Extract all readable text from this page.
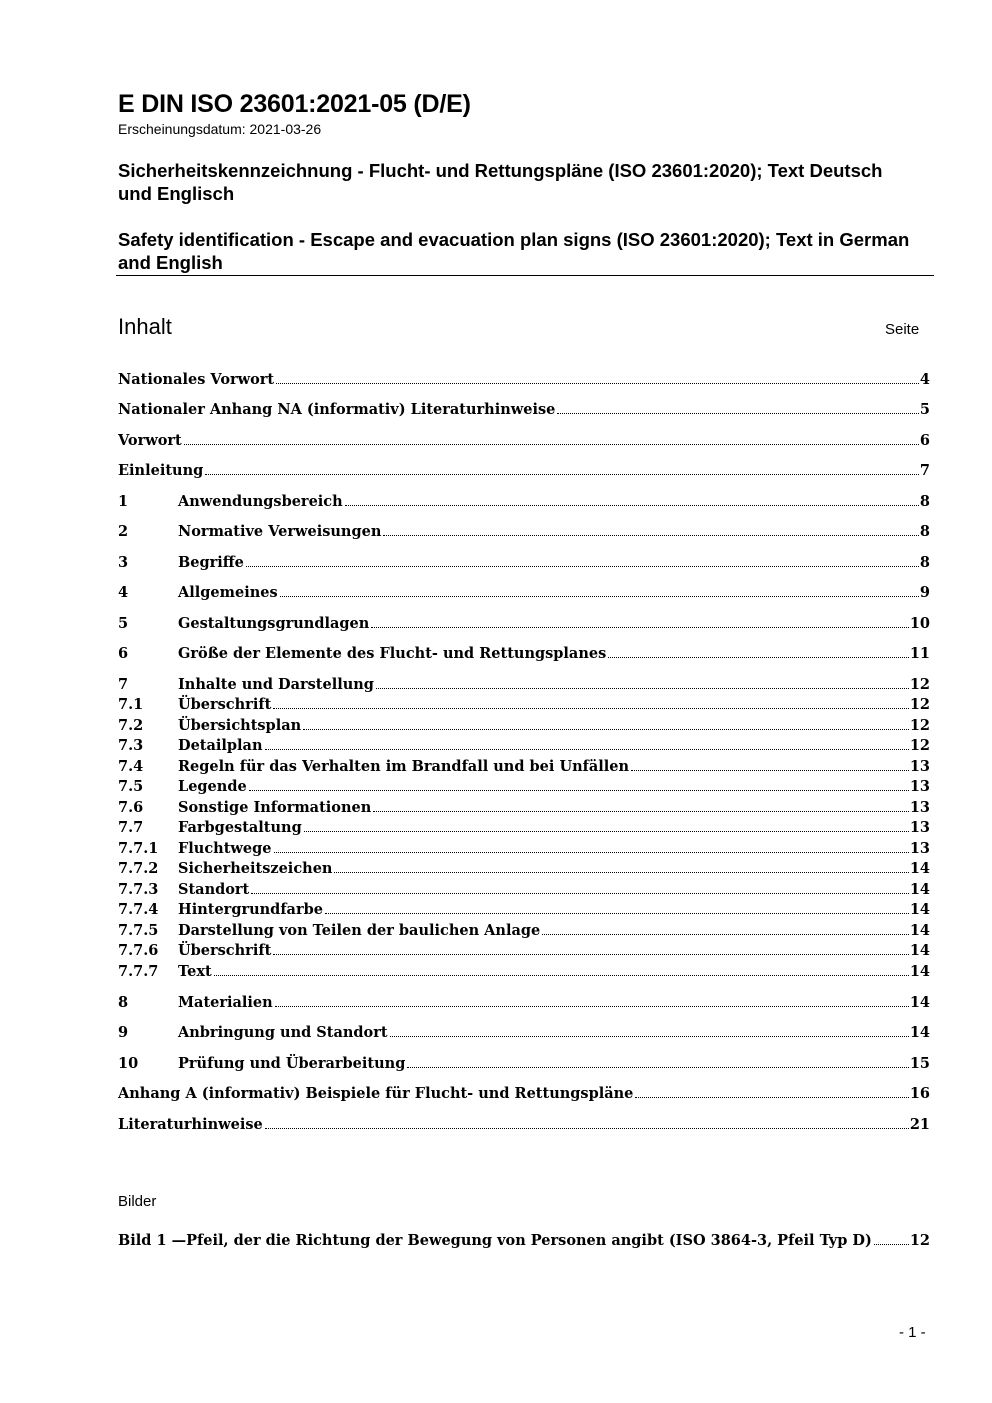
E DIN ISO 23601:2021-05 (D/E)
Erscheinungsdatum: 2021-03-26
Sicherheitskennzeichnung - Flucht- und Rettungspläne (ISO 23601:2020); Text Deutsch und Englisch
Safety identification - Escape and evacuation plan signs (ISO 23601:2020); Text in German and English
Inhalt	Seite
Nationales Vorwort	4
Nationaler Anhang NA (informativ) Literaturhinweise	5
Vorwort	6
Einleitung	7
1	Anwendungsbereich	8
2	Normative Verweisungen	8
3	Begriffe	8
4	Allgemeines	9
5	Gestaltungsgrundlagen	10
6	Größe der Elemente des Flucht- und Rettungsplanes	11
7	Inhalte und Darstellung	12
7.1	Überschrift	12
7.2	Übersichtsplan	12
7.3	Detailplan	12
7.4	Regeln für das Verhalten im Brandfall und bei Unfällen	13
7.5	Legende	13
7.6	Sonstige Informationen	13
7.7	Farbgestaltung	13
7.7.1	Fluchtwege	13
7.7.2	Sicherheitszeichen	14
7.7.3	Standort	14
7.7.4	Hintergrundfarbe	14
7.7.5	Darstellung von Teilen der baulichen Anlage	14
7.7.6	Überschrift	14
7.7.7	Text	14
8	Materialien	14
9	Anbringung und Standort	14
10	Prüfung und Überarbeitung	15
Anhang A (informativ) Beispiele für Flucht- und Rettungspläne	16
Literaturhinweise	21
Bilder
Bild 1 —Pfeil, der die Richtung der Bewegung von Personen angibt (ISO 3864-3, Pfeil Typ D)	12
- 1 -
